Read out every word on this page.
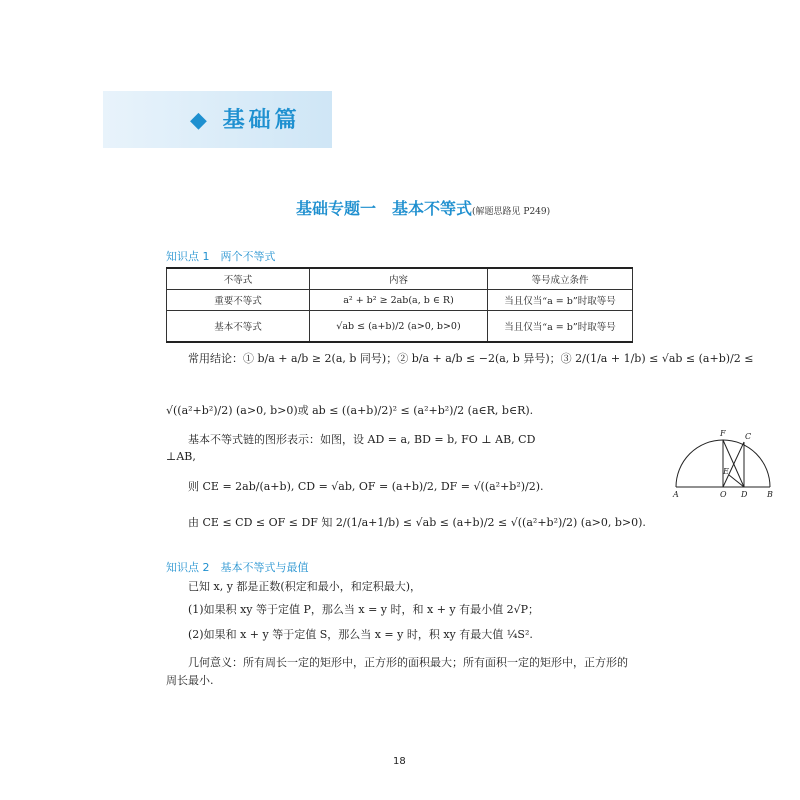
◆ 基础篇
基础专题一　基本不等式(解题思路见 P249)
知识点 1　两个不等式
不等式	内容	等号成立条件
重要不等式	a² + b² ≥ 2ab(a, b ∈ R)	当且仅当“a = b”时取等号
基本不等式	√ab ≤ (a+b)/2 (a>0, b>0)	当且仅当“a = b”时取等号
常用结论：① b/a + a/b ≥ 2(a, b 同号)；② b/a + a/b ≤ −2(a, b 异号)；③ 2/(1/a + 1/b) ≤ √ab ≤ (a+b)/2 ≤
√((a²+b²)/2) (a>0, b>0)或 ab ≤ ((a+b)/2)² ≤ (a²+b²)/2 (a∈R, b∈R).
基本不等式链的图形表示：如图，设 AD = a, BD = b, FO ⊥ AB, CD
⊥AB,
则 CE = 2ab/(a+b), CD = √ab, OF = (a+b)/2, DF = √((a²+b²)/2).
由 CE ≤ CD ≤ OF ≤ DF 知 2/(1/a+1/b) ≤ √ab ≤ (a+b)/2 ≤ √((a²+b²)/2) (a>0, b>0).
F C
E
A	O D B
知识点 2　基本不等式与最值
已知 x, y 都是正数(积定和最小，和定积最大)，
(1)如果积 xy 等于定值 P，那么当 x = y 时，和 x + y 有最小值 2√P；
(2)如果和 x + y 等于定值 S，那么当 x = y 时，积 xy 有最大值 ¼S².
几何意义：所有周长一定的矩形中，正方形的面积最大；所有面积一定的矩形中，正方形的
周长最小.
18
